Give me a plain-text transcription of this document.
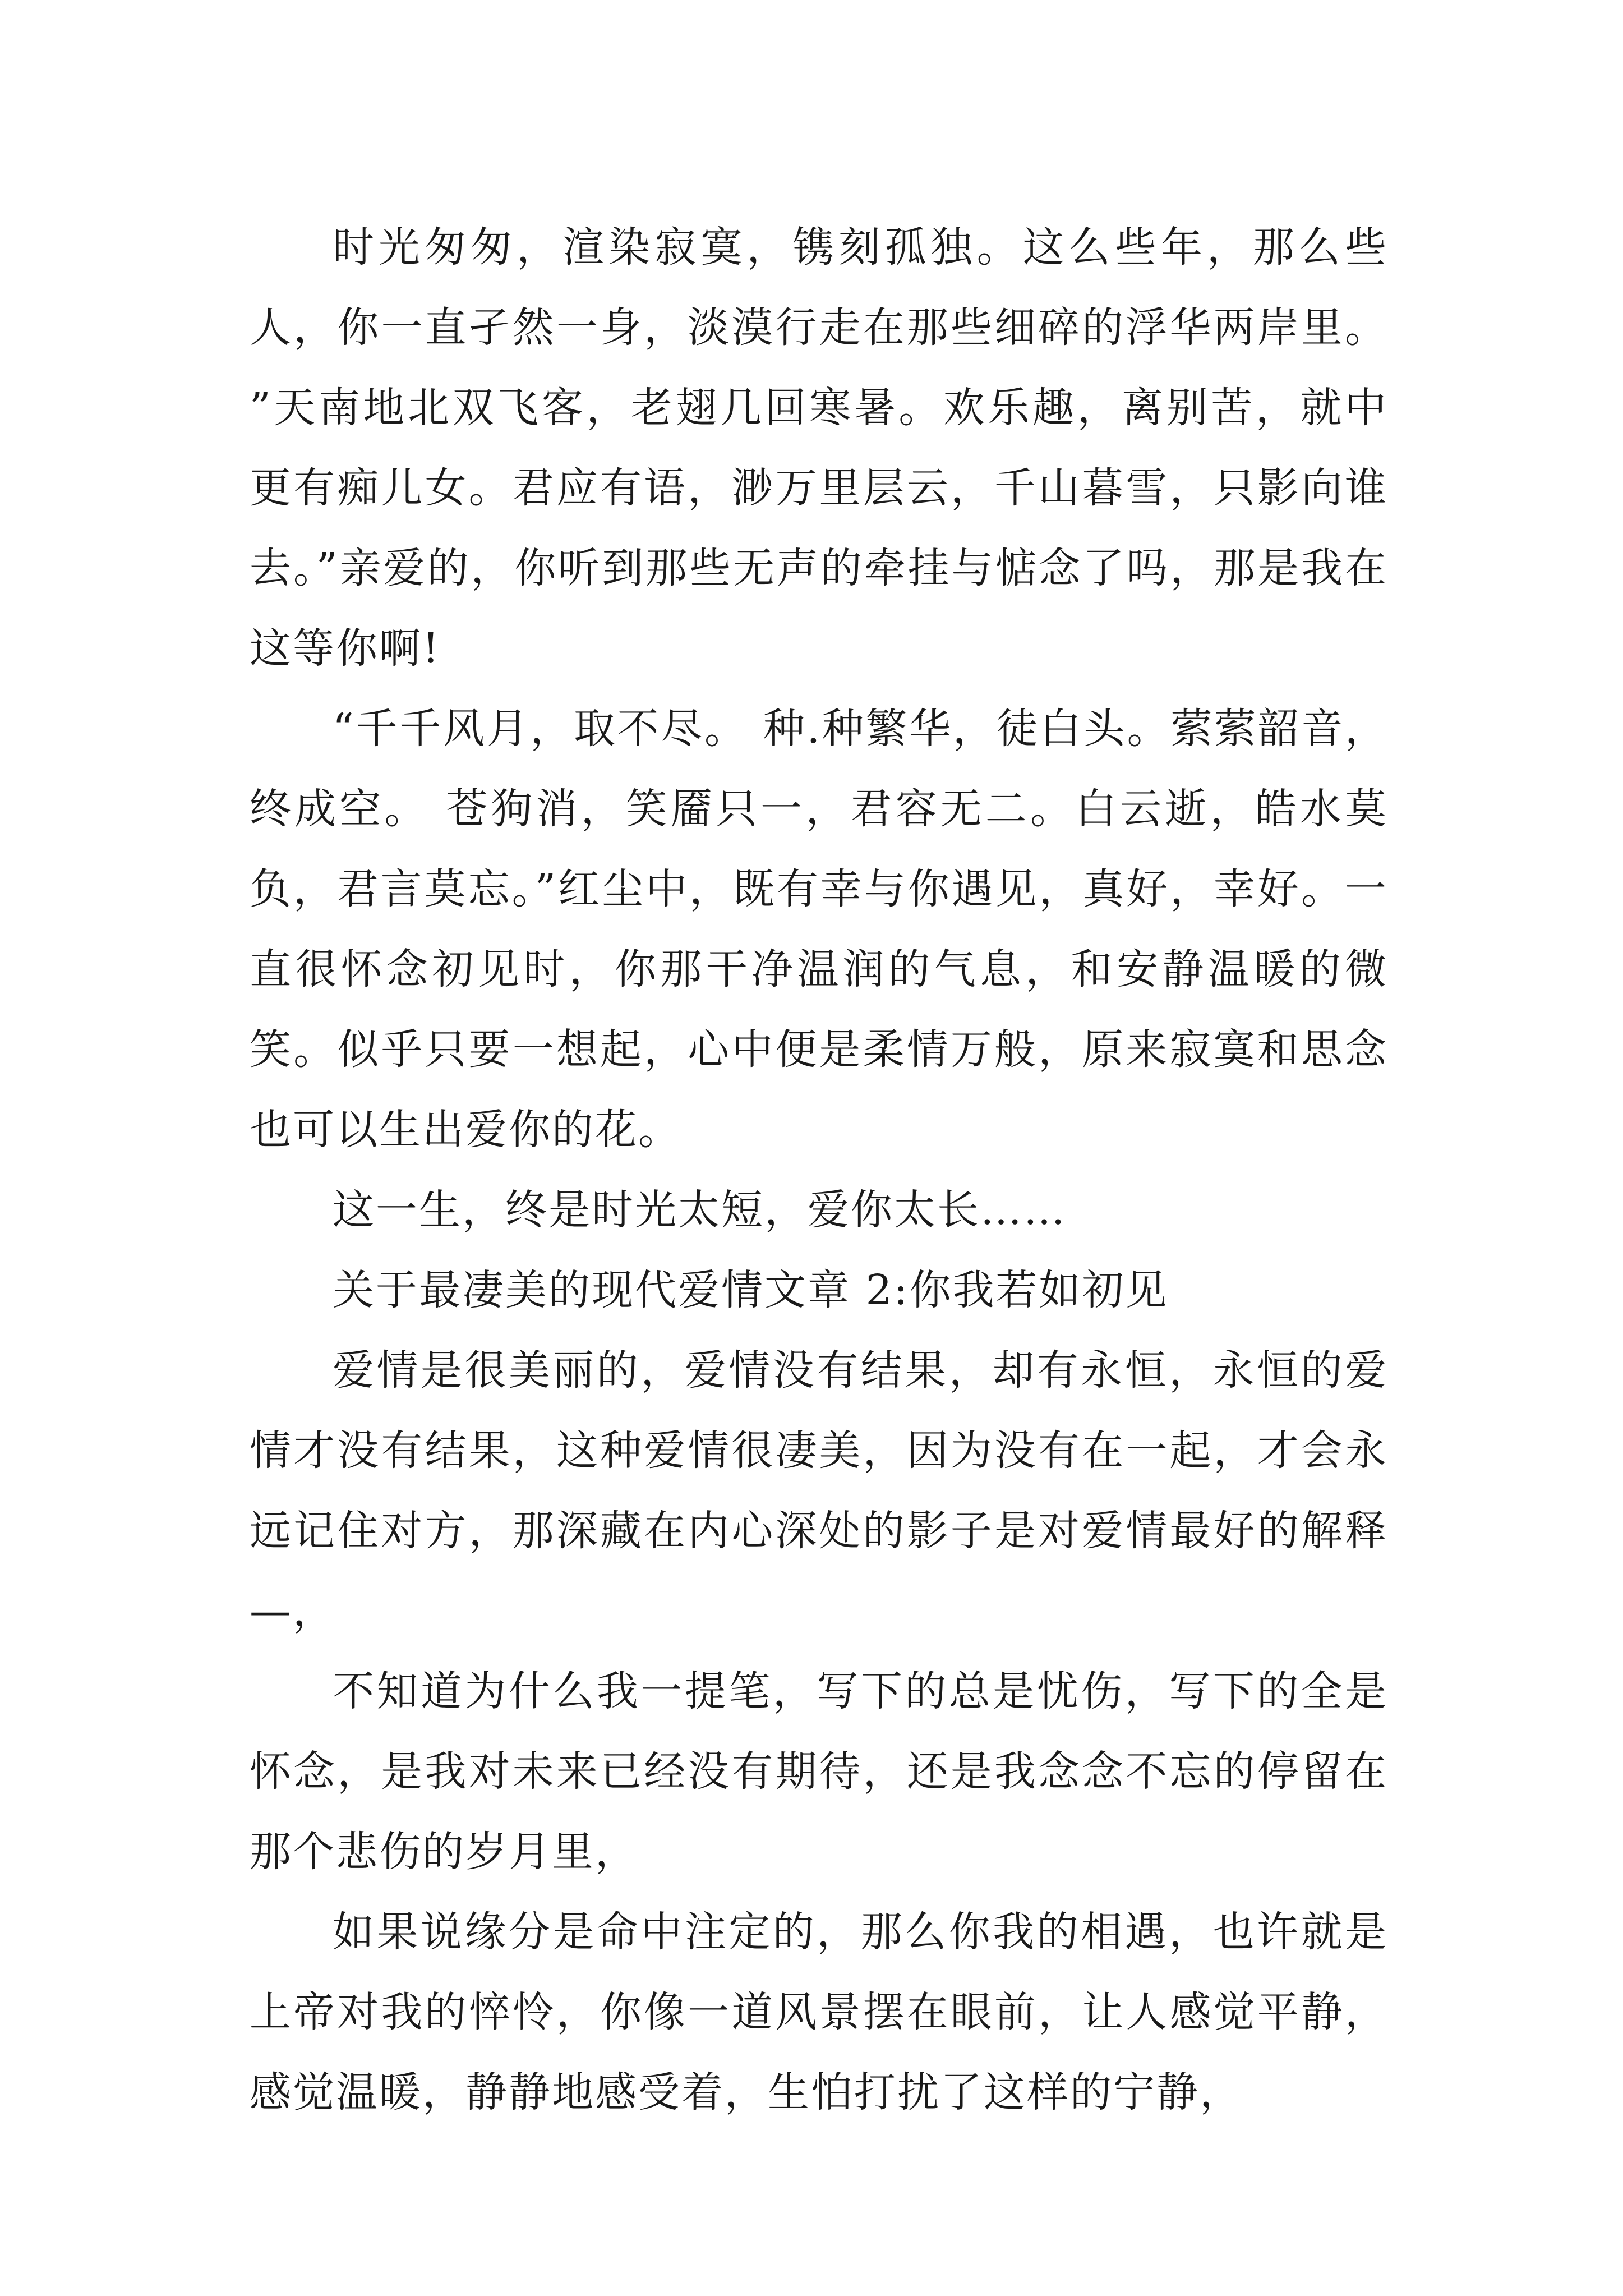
时光匆匆，渲染寂寞，镌刻孤独。这么些年，那么些人，你一直孑然一身，淡漠行走在那些细碎的浮华两岸里。 ”天南地北双飞客，老翅几回寒暑。欢乐趣，离别苦，就中更有痴儿女。君应有语，渺万里层云，千山暮雪，只影向谁去。”亲爱的，你听到那些无声的牵挂与惦念了吗，那是我在这等你啊!

“千千风月，取不尽。 种.种繁华，徒白头。萦萦韶音，终成空。 苍狗消，笑靥只一，君容无二。白云逝，皓水莫负，君言莫忘。”红尘中，既有幸与你遇见，真好，幸好。一直很怀念初见时，你那干净温润的气息，和安静温暖的微笑。似乎只要一想起，心中便是柔情万般，原来寂寞和思念也可以生出爱你的花。

这一生，终是时光太短，爱你太长……

关于最凄美的现代爱情文章 2:你我若如初见

爱情是很美丽的，爱情没有结果，却有永恒，永恒的爱情才没有结果，这种爱情很凄美，因为没有在一起，才会永远记住对方，那深藏在内心深处的影子是对爱情最好的解释—，

不知道为什么我一提笔，写下的总是忧伤，写下的全是怀念，是我对未来已经没有期待，还是我念念不忘的停留在那个悲伤的岁月里，

如果说缘分是命中注定的，那么你我的相遇，也许就是上帝对我的悴怜，你像一道风景摆在眼前，让人感觉平静，感觉温暖，静静地感受着，生怕打扰了这样的宁静，
